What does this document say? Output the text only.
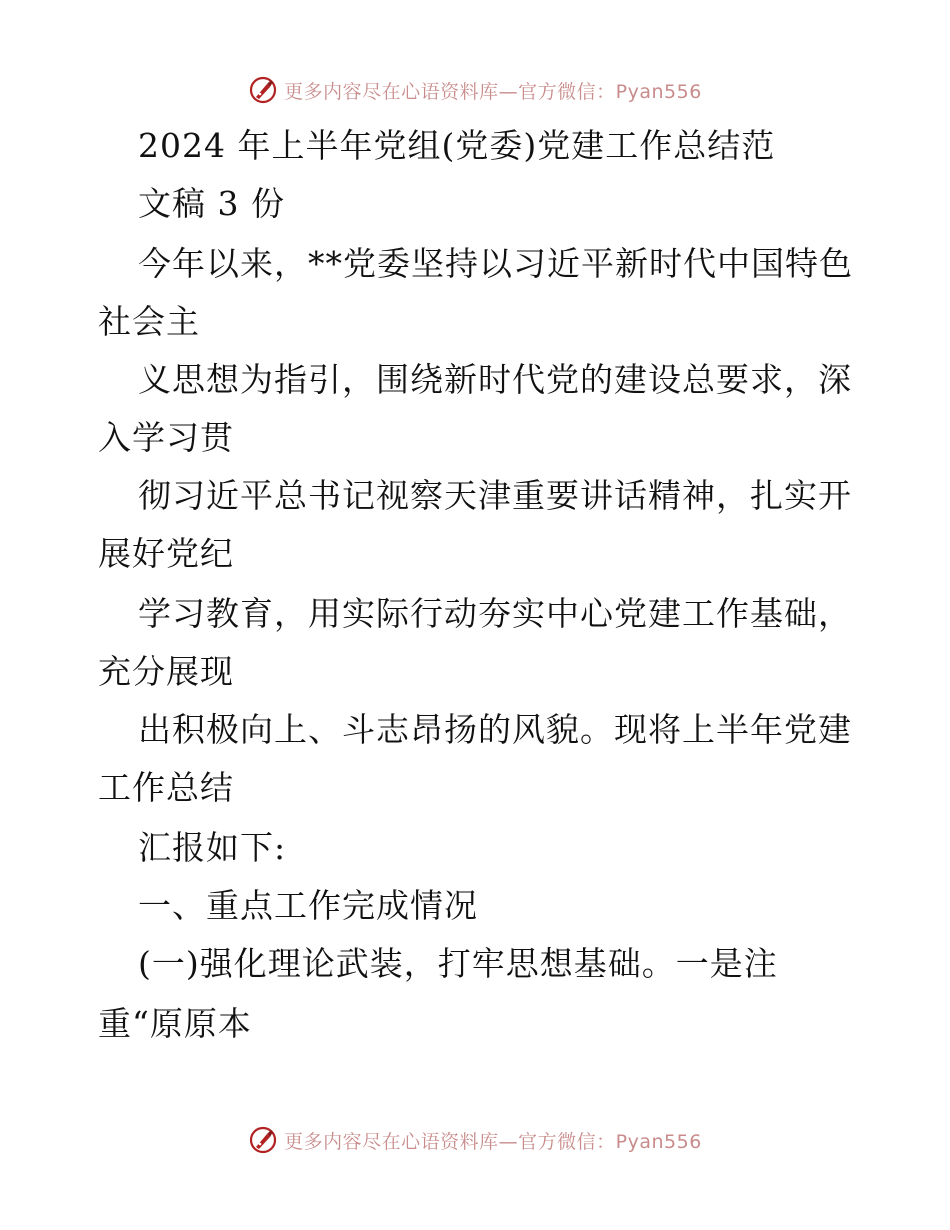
更多内容尽在心语资料库—官方微信：Pyan556
2024 年上半年党组(党委)党建工作总结范
文稿 3 份
今年以来，**党委坚持以习近平新时代中国特色
社会主
义思想为指引，围绕新时代党的建设总要求，深
入学习贯
彻习近平总书记视察天津重要讲话精神，扎实开
展好党纪
学习教育，用实际行动夯实中心党建工作基础，
充分展现
出积极向上、斗志昂扬的风貌。现将上半年党建
工作总结
汇报如下:
一、重点工作完成情况
(一)强化理论武装，打牢思想基础。一是注
重“原原本
更多内容尽在心语资料库—官方微信：Pyan556
